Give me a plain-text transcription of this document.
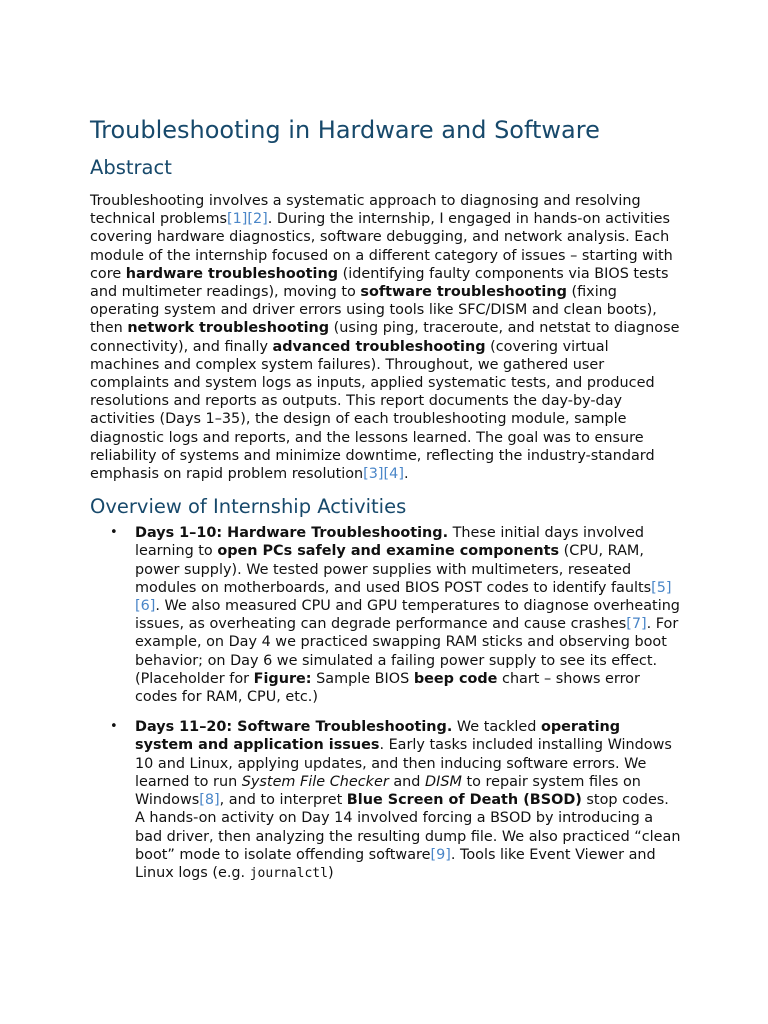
Troubleshooting in Hardware and Software
Abstract

Troubleshooting involves a systematic approach to diagnosing and resolving technical problems[1][2]. During the internship, I engaged in hands-on activities covering hardware diagnostics, software debugging, and network analysis. Each module of the internship focused on a different category of issues – starting with core hardware troubleshooting (identifying faulty components via BIOS tests and multimeter readings), moving to software troubleshooting (fixing operating system and driver errors using tools like SFC/DISM and clean boots), then network troubleshooting (using ping, traceroute, and netstat to diagnose connectivity), and finally advanced troubleshooting (covering virtual machines and complex system failures). Throughout, we gathered user complaints and system logs as inputs, applied systematic tests, and produced resolutions and reports as outputs. This report documents the day-by-day activities (Days 1–35), the design of each troubleshooting module, sample diagnostic logs and reports, and the lessons learned. The goal was to ensure reliability of systems and minimize downtime, reflecting the industry-standard emphasis on rapid problem resolution[3][4].

Overview of Internship Activities
• Days 1–10: Hardware Troubleshooting. These initial days involved learning to open PCs safely and examine components (CPU, RAM, power supply). We tested power supplies with multimeters, reseated modules on motherboards, and used BIOS POST codes to identify faults[5][6]. We also measured CPU and GPU temperatures to diagnose overheating issues, as overheating can degrade performance and cause crashes[7]. For example, on Day 4 we practiced swapping RAM sticks and observing boot behavior; on Day 6 we simulated a failing power supply to see its effect. (Placeholder for Figure: Sample BIOS beep code chart – shows error codes for RAM, CPU, etc.)
• Days 11–20: Software Troubleshooting. We tackled operating system and application issues. Early tasks included installing Windows 10 and Linux, applying updates, and then inducing software errors. We learned to run System File Checker and DISM to repair system files on Windows[8], and to interpret Blue Screen of Death (BSOD) stop codes. A hands-on activity on Day 14 involved forcing a BSOD by introducing a bad driver, then analyzing the resulting dump file. We also practiced “clean boot” mode to isolate offending software[9]. Tools like Event Viewer and Linux logs (e.g. journalctl)
